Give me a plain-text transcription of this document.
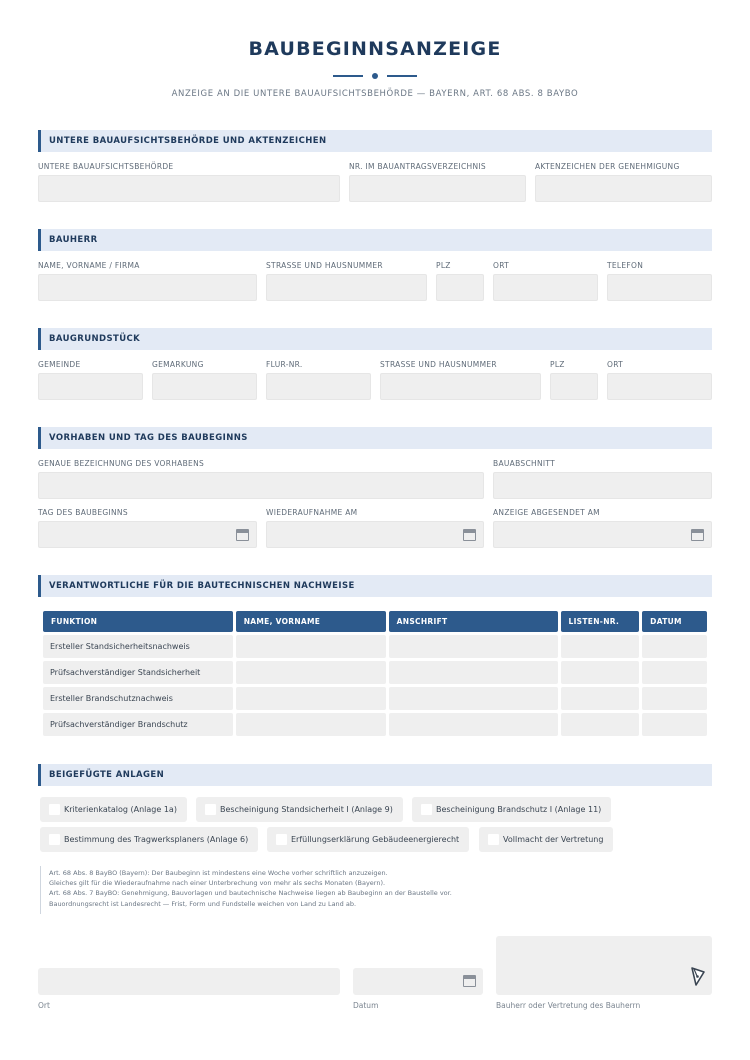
BAUBEGINNSANZEIGE
ANZEIGE AN DIE UNTERE BAUAUFSICHTSBEHÖRDE — BAYERN, ART. 68 ABS. 8 BAYBO
UNTERE BAUAUFSICHTSBEHÖRDE UND AKTENZEICHEN
UNTERE BAUAUFSICHTSBEHÖRDE	NR. IM BAUANTRAGSVERZEICHNIS	AKTENZEICHEN DER GENEHMIGUNG
BAUHERR
NAME, VORNAME / FIRMA	STRASSE UND HAUSNUMMER	PLZ	ORT	TELEFON
BAUGRUNDSTÜCK
GEMEINDE	GEMARKUNG	FLUR-NR.	STRASSE UND HAUSNUMMER	PLZ	ORT
VORHABEN UND TAG DES BAUBEGINNS
GENAUE BEZEICHNUNG DES VORHABENS	BAUABSCHNITT
TAG DES BAUBEGINNS	WIEDERAUFNAHME AM	ANZEIGE ABGESENDET AM
VERANTWORTLICHE FÜR DIE BAUTECHNISCHEN NACHWEISE
FUNKTION	NAME, VORNAME	ANSCHRIFT	LISTEN-NR.	DATUM
Ersteller Standsicherheitsnachweis				
Prüfsachverständiger Standsicherheit				
Ersteller Brandschutznachweis				
Prüfsachverständiger Brandschutz				
BEIGEFÜGTE ANLAGEN
Kriterienkatalog (Anlage 1a)	Bescheinigung Standsicherheit I (Anlage 9)	Bescheinigung Brandschutz I (Anlage 11)
Bestimmung des Tragwerksplaners (Anlage 6)	Erfüllungserklärung Gebäudeenergierecht	Vollmacht der Vertretung
Art. 68 Abs. 8 BayBO (Bayern): Der Baubeginn ist mindestens eine Woche vorher schriftlich anzuzeigen.
Gleiches gilt für die Wiederaufnahme nach einer Unterbrechung von mehr als sechs Monaten (Bayern).
Art. 68 Abs. 7 BayBO: Genehmigung, Bauvorlagen und bautechnische Nachweise liegen ab Baubeginn an der Baustelle vor.
Bauordnungsrecht ist Landesrecht — Frist, Form und Fundstelle weichen von Land zu Land ab.
Ort	Datum	Bauherr oder Vertretung des Bauherrn
